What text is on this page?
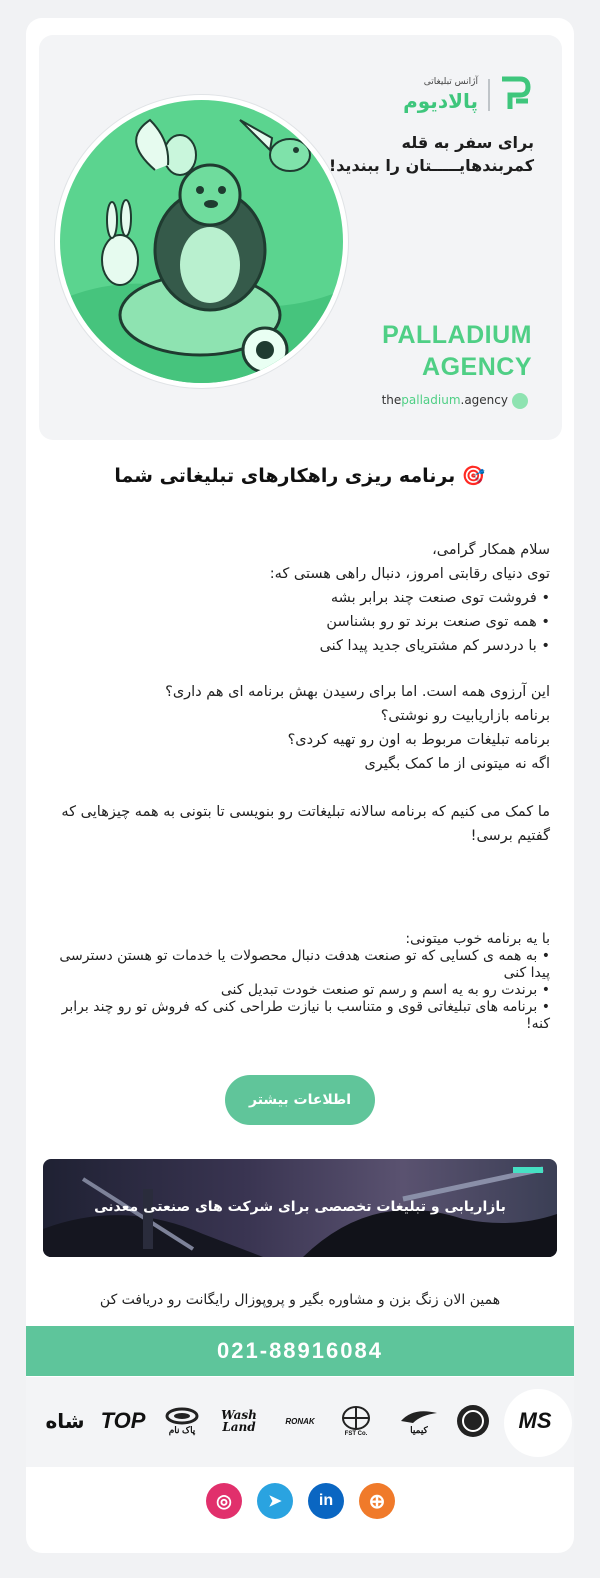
آژانس تبلیغاتی
پالادیوم
برای سفر به قله
کمربندهایـــــتان را ببندید!
PALLADIUM
AGENCY
thepalladium.agency
🎯 برنامه ریزی راهکارهای تبلیغاتی شما

سلام همکار گرامی،

توی دنیای رقابتی امروز، دنبال راهی هستی که:

• فروشت توی صنعت چند برابر بشه

• همه توی صنعت برند تو رو بشناسن

• با دردسر کم مشتریای جدید پیدا کنی

این آرزوی همه است. اما برای رسیدن بهش برنامه ای هم داری؟

برنامه بازاریابیت رو نوشتی؟

برنامه تبلیغات مربوط به اون رو تهیه کردی؟

اگه نه میتونی از ما کمک بگیری

ما کمک می کنیم که برنامه سالانه تبلیغاتت رو بنویسی تا بتونی به همه چیزهایی که گفتیم برسی!

با یه برنامه خوب میتونی:

• به همه ی کسایی که تو صنعت هدفت دنبال محصولات یا خدمات تو هستن دسترسی پیدا کنی

• برندت رو به یه اسم و رسم تو صنعت خودت تبدیل کنی

• برنامه های تبلیغاتی قوی و متناسب با نیازت طراحی کنی که فروش تو رو چند برابر کنه!

اطلاعات بیشتر
بازاریابی و تبلیغات تخصصی برای شرکت های صنعتی معدنی
همین الان زنگ بزن و مشاوره بگیر و پروپوزال رایگانت رو دریافت کن
021-88916084
MS
کیمیا
FST Co.
RONAK
Wash Land
پاک نام
TOP
شاه
◎	➤	in	⊕
